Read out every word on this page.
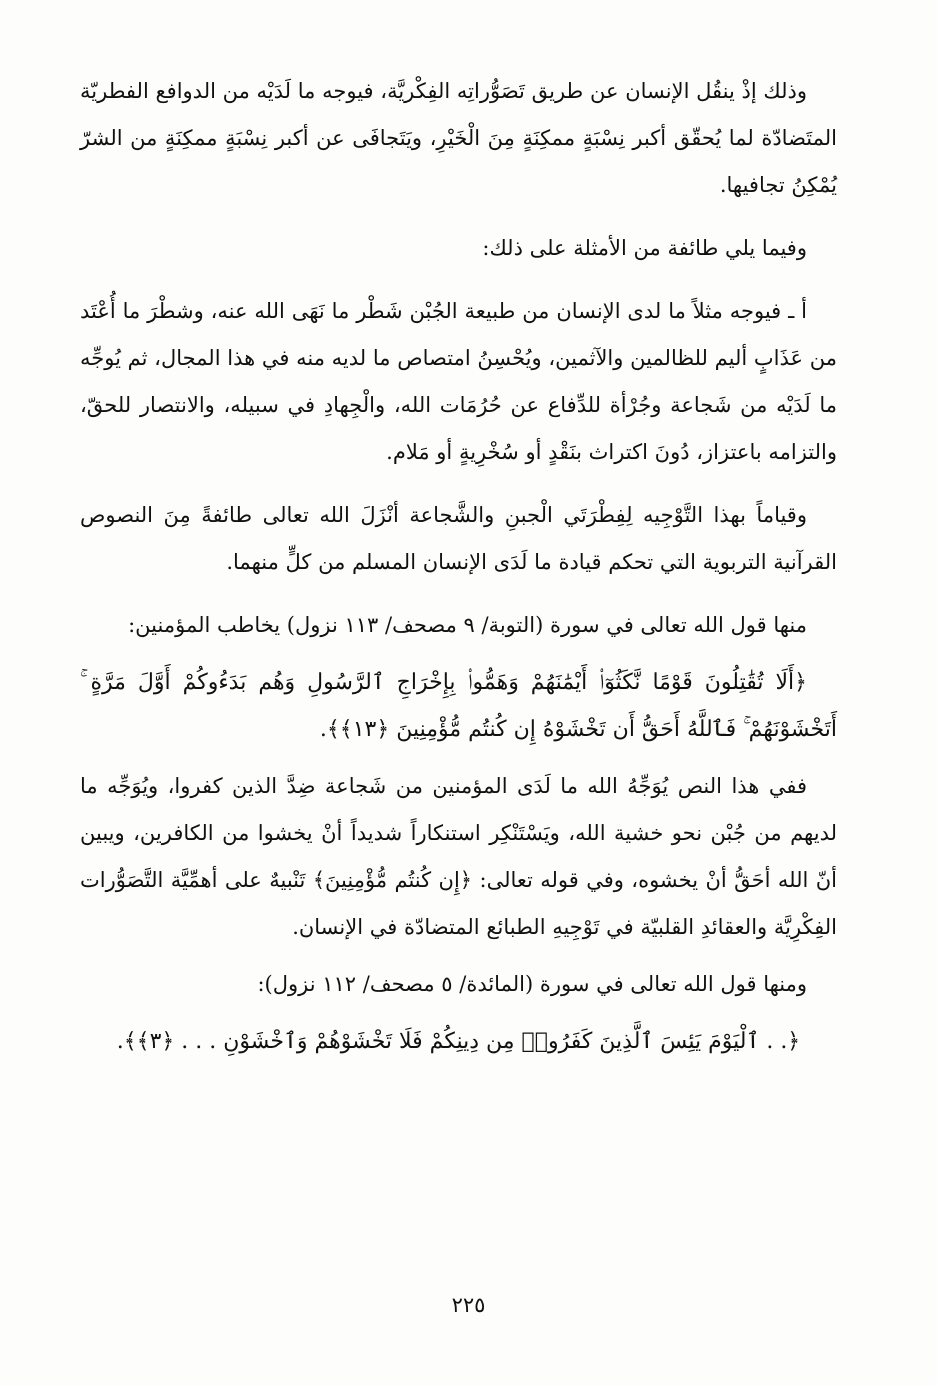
وذلك إذْ ينقُل الإنسان عن طريق تَصَوُّراتِه الفِكْريَّة، فيوجه ما لَدَيْه من الدوافع الفطريّة المتَضادّة لما يُحقّق أكبر نِسْبَةٍ ممكِنَةٍ مِنَ الْخَيْرِ، ويَتَجافَى عن أكبر نِسْبَةٍ ممكِنَةٍ من الشرّ يُمْكِنُ تجافيها.

وفيما يلي طائفة من الأمثلة على ذلك:

أ ـ فيوجه مثلاً ما لدى الإنسان من طبيعة الجُبْن شَطْر ما نَهَى الله عنه، وشطْرَ ما أُعْتَد من عَذَابٍ أليم للظالمين والآثمين، ويُحْسِنُ امتصاص ما لديه منه في هذا المجال، ثم يُوجِّه ما لَدَيْه من شَجاعة وجُرْأة للدِّفاع عن حُرُمَات الله، والْجِهادِ في سبيله، والانتصار للحقّ، والتزامه باعتزاز، دُونَ اكتراث بنَقْدٍ أو سُخْرِيةٍ أو مَلام.

وقياماً بهذا التَّوْجِيه لِفِطْرَتَي الْجبنِ والشَّجاعة أنْزَلَ الله تعالى طائفةً مِنَ النصوص القرآنية التربوية التي تحكم قيادة ما لَدَى الإنسان المسلم من كلٍّ منهما.

منها قول الله تعالى في سورة (التوبة/ ٩ مصحف/ ١١٣ نزول) يخاطب المؤمنين:

﴿أَلَا تُقَٰتِلُونَ قَوْمًا نَّكَثُوٓا۟ أَيْمَٰنَهُمْ وَهَمُّوا۟ بِإِخْرَاجِ ٱلرَّسُولِ وَهُم بَدَءُوكُمْ أَوَّلَ مَرَّةٍ ۚ أَتَخْشَوْنَهُمْ ۚ فَٱللَّهُ أَحَقُّ أَن تَخْشَوْهُ إِن كُنتُم مُّؤْمِنِينَ ﴿١٣﴾﴾.

ففي هذا النص يُوَجِّهُ الله ما لَدَى المؤمنين من شَجاعة ضِدَّ الذين كفروا، ويُوَجِّه ما لديهم من جُبْن نحو خشية الله، ويَسْتَنْكِر استنكاراً شديداً أنْ يخشوا من الكافرين، ويبين أنّ الله أحَقُّ أنْ يخشوه، وفي قوله تعالى: ﴿إِن كُنتُم مُّؤْمِنِينَ﴾ تَنْبيهٌ على أهمِّيَّة التَّصَوُّرات الفِكْرِيَّة والعقائدِ القلبيّة في تَوْجِيهِ الطبائع المتضادّة في الإنسان.

ومنها قول الله تعالى في سورة (المائدة/ ٥ مصحف/ ١١٢ نزول):

﴿. . ٱلْيَوْمَ يَئِسَ ٱلَّذِينَ كَفَرُوا۟ مِن دِينِكُمْ فَلَا تَخْشَوْهُمْ وَٱخْشَوْنِ . . . ﴿٣﴾﴾.

٢٢٥
